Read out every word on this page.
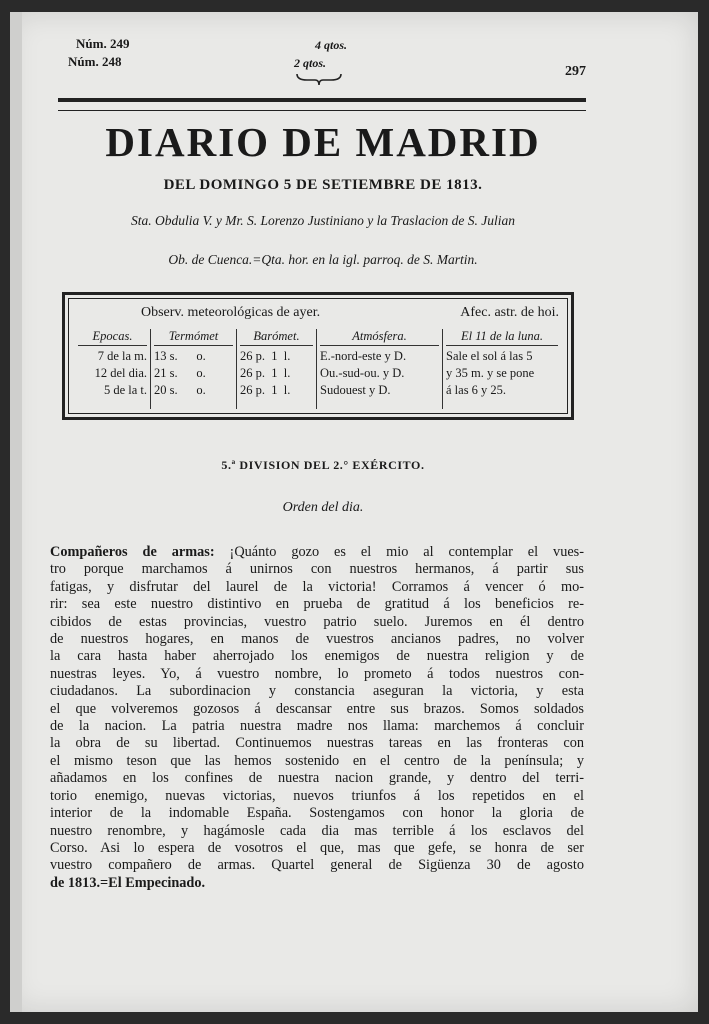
Núm. 249
Núm. 248
4 qtos.
2 qtos.
297
DIARIO DE MADRID
DEL DOMINGO 5 DE SETIEMBRE DE 1813.
Sta. Obdulia V. y Mr. S. Lorenzo Justiniano y la Traslacion de S. Julian
Ob. de Cuenca.=Qta. hor. en la igl. parroq. de S. Martin.
Observ. meteorológicas de ayer.	Afec. astr. de hoi.
Epocas.
7 de la m.
12 del dia.
5 de la t.
Termómet
13 s.      o.
21 s.      o.
20 s.      o.
Barómet.
26 p.  1  l.
26 p.  1  l.
26 p.  1  l.
Atmósfera.
E.-nord-este y D.
Ou.-sud-ou. y D.
Sudouest y D.
El 11 de la luna.
Sale el sol á las 5
y 35 m. y se pone
á las 6 y 25.
5.ª DIVISION DEL 2.° EXÉRCITO.
Orden del dia.
Compañeros de armas: ¡Quánto gozo es el mio al contemplar el vues-
tro porque marchamos á unirnos con nuestros hermanos, á partir sus
fatigas, y disfrutar del laurel de la victoria! Corramos á vencer ó mo-
rir: sea este nuestro distintivo en prueba de gratitud á los beneficios re-
cibidos de estas provincias, vuestro patrio suelo. Juremos en él dentro
de nuestros hogares, en manos de vuestros ancianos padres, no volver
la cara hasta haber aherrojado los enemigos de nuestra religion y de
nuestras leyes. Yo, á vuestro nombre, lo prometo á todos nuestros con-
ciudadanos. La subordinacion y constancia aseguran la victoria, y esta
el que volveremos gozosos á descansar entre sus brazos. Somos soldados
de la nacion. La patria nuestra madre nos llama: marchemos á concluir
la obra de su libertad. Continuemos nuestras tareas en las fronteras con
el mismo teson que las hemos sostenido en el centro de la península; y
añadamos en los confines de nuestra nacion grande, y dentro del terri-
torio enemigo, nuevas victorias, nuevos triunfos á los repetidos en el
interior de la indomable España. Sostengamos con honor la gloria de
nuestro renombre, y hagámosle cada dia mas terrible á los esclavos del
Corso. Asi lo espera de vosotros el que, mas que gefe, se honra de ser
vuestro compañero de armas. Quartel general de Sigüenza 30 de agosto
de 1813.=El Empecinado.
